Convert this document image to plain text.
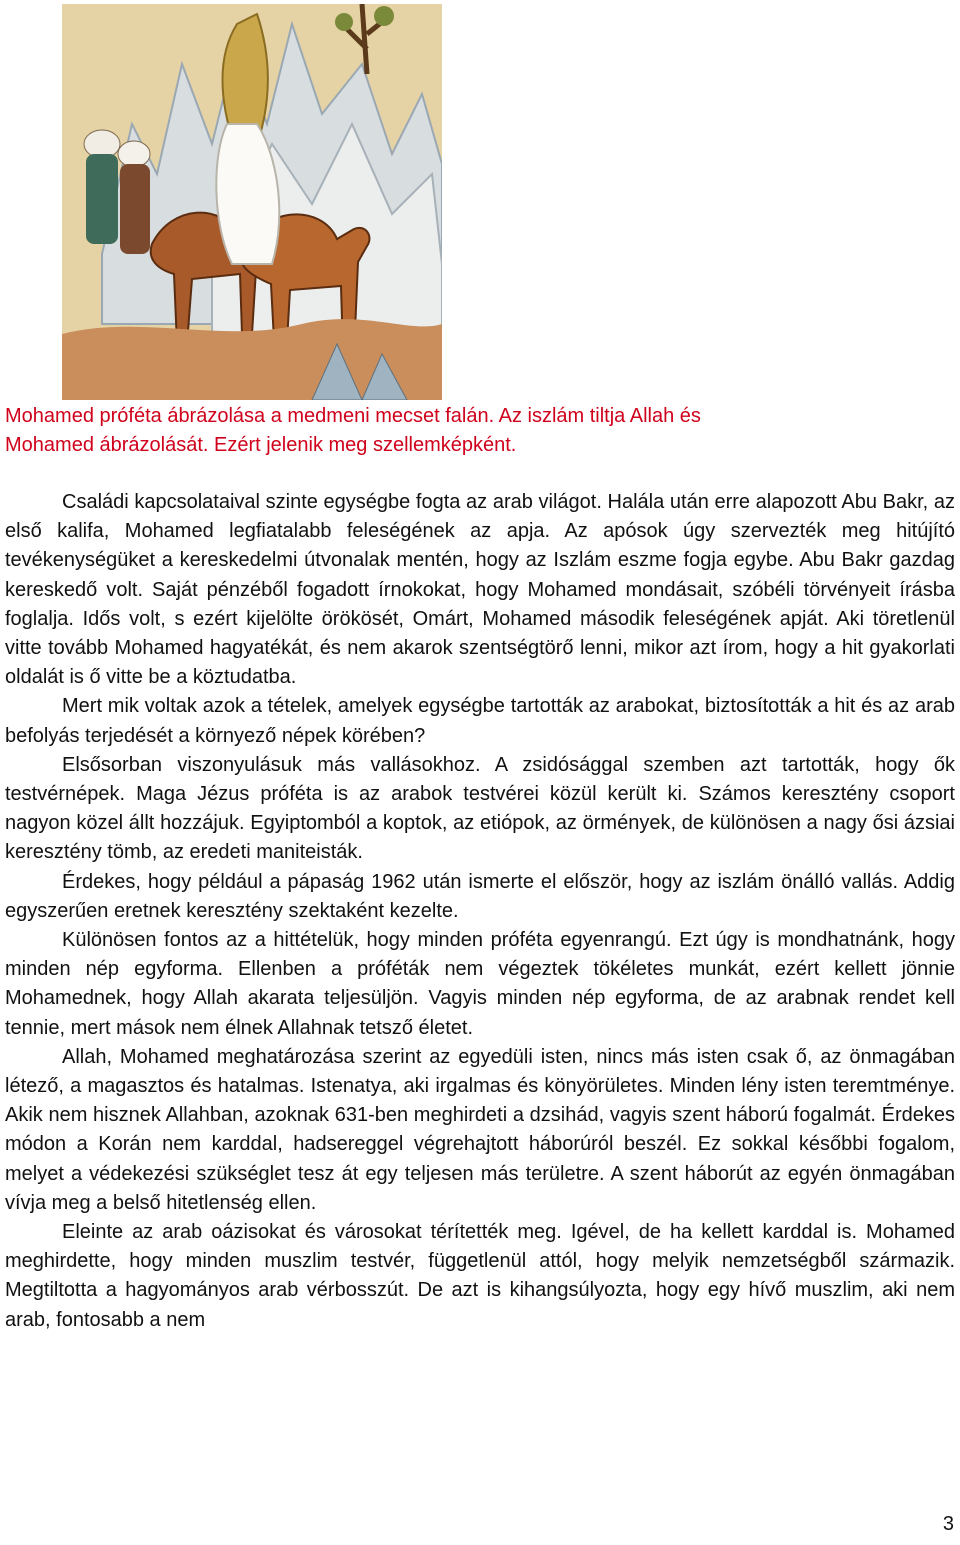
Mohamed próféta ábrázolása a medmeni mecset falán. Az iszlám tiltja Allah és
Mohamed ábrázolását. Ezért jelenik meg szellemképként.

Családi kapcsolataival szinte egységbe fogta az arab világot. Halála után erre alapozott Abu Bakr, az első kalifa, Mohamed legfiatalabb feleségének az apja. Az apósok úgy szervezték meg hitújító tevékenységüket a kereskedelmi útvonalak mentén, hogy az Iszlám eszme fogja egybe. Abu Bakr gazdag kereskedő volt. Saját pénzéből fogadott írnokokat, hogy Mohamed mondásait, szóbéli törvényeit írásba foglalja. Idős volt, s ezért kijelölte örökösét, Omárt, Mohamed második feleségének apját. Aki töretlenül vitte tovább Mohamed hagyatékát, és nem akarok szentségtörő lenni, mikor azt írom, hogy a hit gyakorlati oldalát is ő vitte be a köztudatba.

Mert mik voltak azok a tételek, amelyek egységbe tartották az arabokat, biztosították a hit és az arab befolyás terjedését a környező népek körében?

Elsősorban viszonyulásuk más vallásokhoz. A zsidósággal szemben azt tartották, hogy ők testvérnépek. Maga Jézus próféta is az arabok testvérei közül került ki. Számos keresztény csoport nagyon közel állt hozzájuk. Egyiptomból a koptok, az etiópok, az örmények, de különösen a nagy ősi ázsiai keresztény tömb, az eredeti maniteisták.

Érdekes, hogy például a pápaság 1962 után ismerte el először, hogy az iszlám önálló vallás. Addig egyszerűen eretnek keresztény szektaként kezelte.

Különösen fontos az a hittételük, hogy minden próféta egyenrangú. Ezt úgy is mondhatnánk, hogy minden nép egyforma. Ellenben a próféták nem végeztek tökéletes munkát, ezért kellett jönnie Mohamednek, hogy Allah akarata teljesüljön. Vagyis minden nép egyforma, de az arabnak rendet kell tennie, mert mások nem élnek Allahnak tetsző életet.

Allah, Mohamed meghatározása szerint az egyedüli isten, nincs más isten csak ő, az önmagában létező, a magasztos és hatalmas. Istenatya, aki irgalmas és könyörületes. Minden lény isten teremtménye. Akik nem hisznek Allahban, azoknak 631-ben meghirdeti a dzsihád, vagyis szent háború fogalmát. Érdekes módon a Korán nem karddal, hadsereggel végrehajtott háborúról beszél. Ez sokkal későbbi fogalom, melyet a védekezési szükséglet tesz át egy teljesen más területre. A szent háborút az egyén önmagában vívja meg a belső hitetlenség ellen.

Eleinte az arab oázisokat és városokat térítették meg. Igével, de ha kellett karddal is. Mohamed meghirdette, hogy minden muszlim testvér, függetlenül attól, hogy melyik nemzetségből származik. Megtiltotta a hagyományos arab vérbosszút. De azt is kihangsúlyozta, hogy egy hívő muszlim, aki nem arab, fontosabb a nem

3
